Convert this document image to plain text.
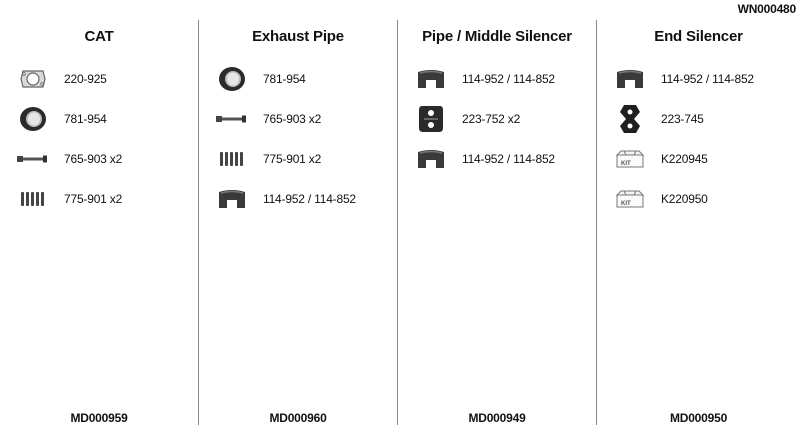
WN000480
CAT
220-925
781-954
765-903 x2
775-901 x2
MD000959
Exhaust Pipe
781-954
765-903 x2
775-901 x2
114-952 / 114-852
MD000960
Pipe / Middle Silencer
114-952 / 114-852
223-752 x2
114-952 / 114-852
MD000949
End Silencer
114-952 / 114-852
223-745
KIT	K220945
KIT	K220950
MD000950
